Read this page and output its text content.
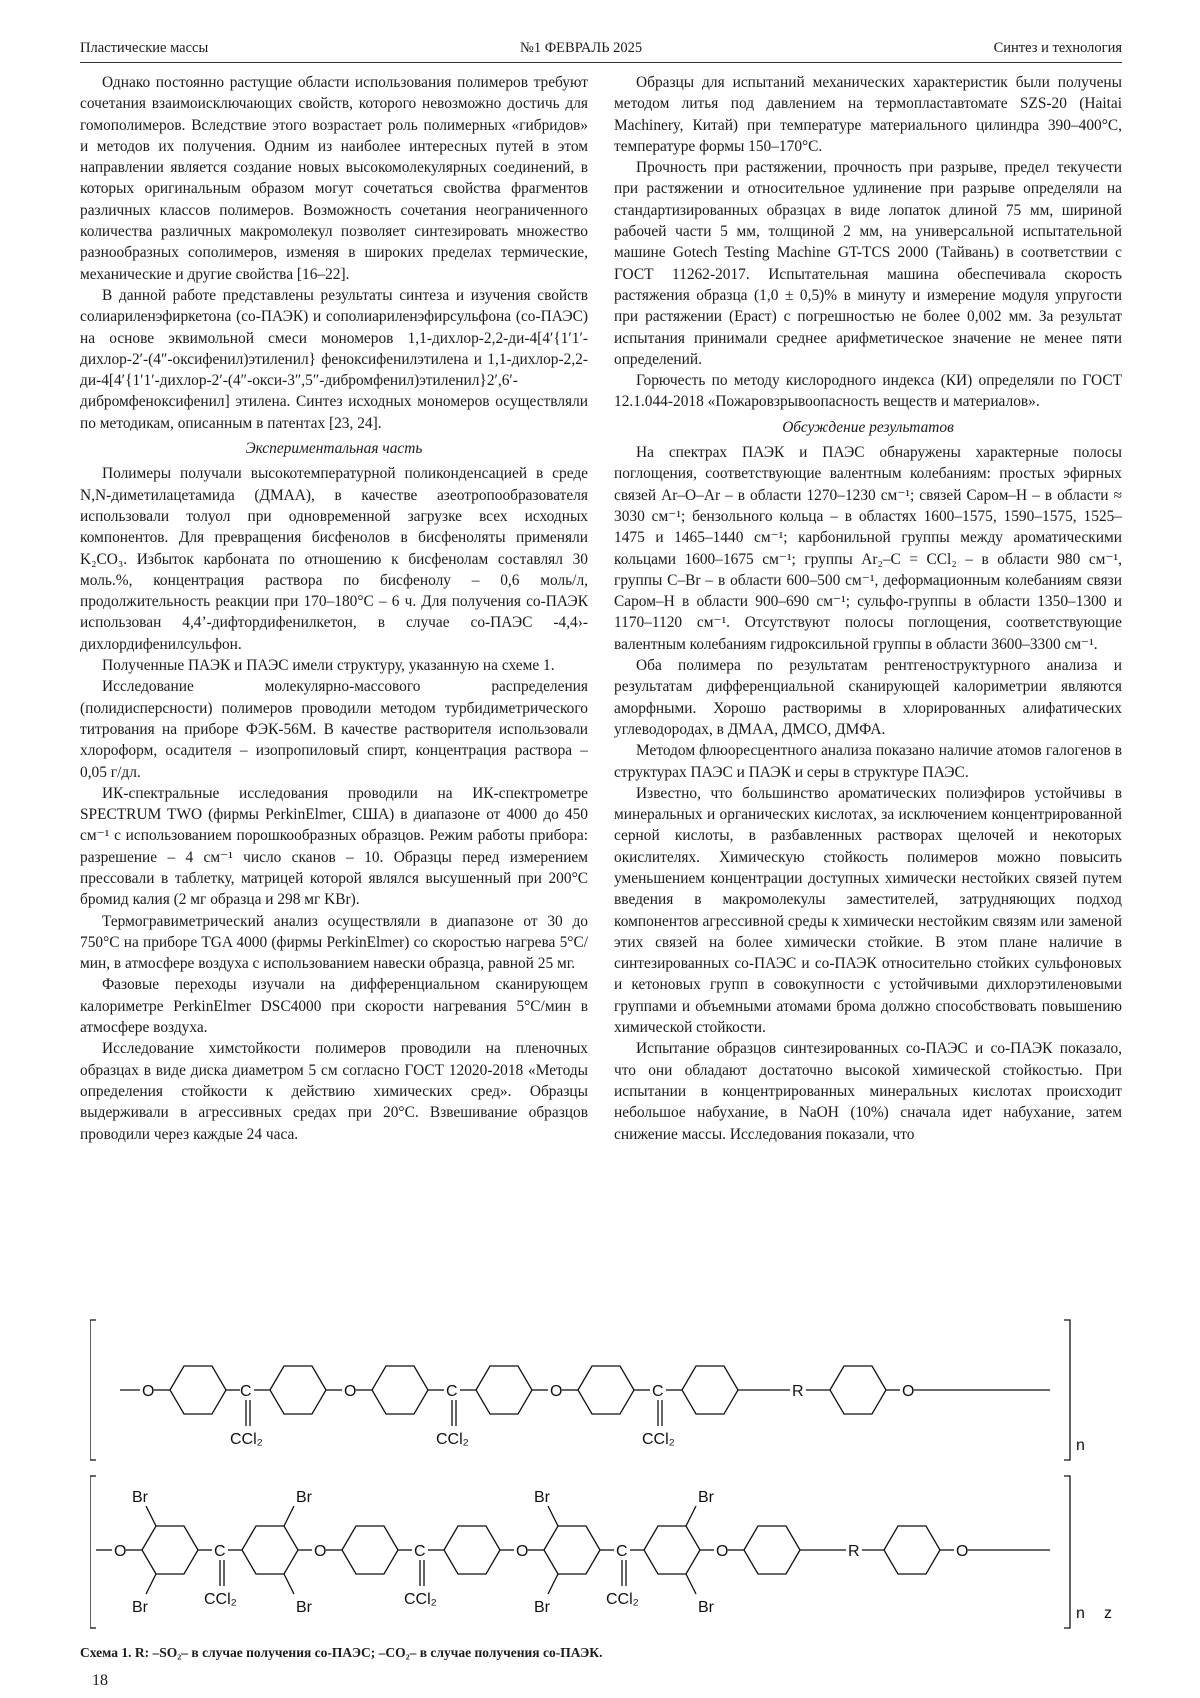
Пластические массы	№1 ФЕВРАЛЬ 2025	Синтез и технология

Однако постоянно растущие области использования полимеров требуют сочетания взаимоисключающих свойств, которого невозможно достичь для гомополимеров. Вследствие этого возрастает роль полимерных «гибридов» и методов их получения. Одним из наиболее интересных путей в этом направлении является создание новых высокомолекулярных соединений, в которых оригинальным образом могут сочетаться свойства фрагментов различных классов полимеров. Возможность сочетания неограниченного количества различных макромолекул позволяет синтезировать множество разнообразных сополимеров, изменяя в широких пределах термические, механические и другие свойства [16–22].

В данной работе представлены результаты синтеза и изучения свойств солиариленэфиркетона (со-ПАЭК) и сополиариленэфирсульфона (со-ПАЭС) на основе эквимольной смеси мономеров 1,1-дихлор-2,2-ди-4[4′{1′1′-дихлор-2′-(4″-оксифенил)этиленил} феноксифенилэтилена и 1,1-дихлор-2,2-ди-4[4′{1′1′-дихлор-2′-(4″-окси-3″,5″-дибромфенил)этиленил}2′,6′-дибромфеноксифенил] этилена. Синтез исходных мономеров осуществляли по методикам, описанным в патентах [23, 24].

Экспериментальная часть

Полимеры получали высокотемпературной поликонденсацией в среде N,N-диметилацетамида (ДМАА), в качестве азеотропообразователя использовали толуол при одновременной загрузке всех исходных компонентов. Для превращения бисфенолов в бисфеноляты применяли K₂CO₃. Избыток карбоната по отношению к бисфенолам составлял 30 моль.%, концентрация раствора по бисфенолу – 0,6 моль/л, продолжительность реакции при 170–180°С – 6 ч. Для получения со-ПАЭК использован 4,4’-дифтордифенилкетон, в случае со-ПАЭС -4,4›-дихлордифенилсульфон.

Полученные ПАЭК и ПАЭС имели структуру, указанную на схеме 1.

Исследование молекулярно-массового распределения (полидисперсности) полимеров проводили методом турбидиметрического титрования на приборе ФЭК-56М. В качестве растворителя использовали хлороформ, осадителя – изопропиловый спирт, концентрация раствора – 0,05 г/дл.

ИК-спектральные исследования проводили на ИК-спектрометре SPECTRUM TWO (фирмы PerkinElmer, США) в диапазоне от 4000 до 450 см⁻¹ с использованием порошкообразных образцов. Режим работы прибора: разрешение – 4 см⁻¹ число сканов – 10. Образцы перед измерением прессовали в таблетку, матрицей которой являлся высушенный при 200°С бромид калия (2 мг образца и 298 мг KBr).

Термогравиметрический анализ осуществляли в диапазоне от 30 до 750°С на приборе TGA 4000 (фирмы PerkinElmer) со скоростью нагрева 5°С/мин, в атмосфере воздуха с использованием навески образца, равной 25 мг.

Фазовые переходы изучали на дифференциальном сканирующем калориметре PerkinElmer DSC4000 при скорости нагревания 5°С/мин в атмосфере воздуха.

Исследование химстойкости полимеров проводили на пленочных образцах в виде диска диаметром 5 см согласно ГОСТ 12020-2018 «Методы определения стойкости к действию химических сред». Образцы выдерживали в агрессивных средах при 20°С. Взвешивание образцов проводили через каждые 24 часа.

Образцы для испытаний механических характеристик были получены методом литья под давлением на термопластавтомате SZS-20 (Haitai Machinery, Китай) при температуре материального цилиндра 390–400°С, температуре формы 150–170°С.

Прочность при растяжении, прочность при разрыве, предел текучести при растяжении и относительное удлинение при разрыве определяли на стандартизированных образцах в виде лопаток длиной 75 мм, шириной рабочей части 5 мм, толщиной 2 мм, на универсальной испытательной машине Gotech Testing Machine GT-TCS 2000 (Тайвань) в соответствии с ГОСТ 11262-2017. Испытательная машина обеспечивала скорость растяжения образца (1,0 ± 0,5)% в минуту и измерение модуля упругости при растяжении (Eраст) с погрешностью не более 0,002 мм. За результат испытания принимали среднее арифметическое значение не менее пяти определений.

Горючесть по методу кислородного индекса (КИ) определяли по ГОСТ 12.1.044-2018 «Пожаровзрывоопасность веществ и материалов».

Обсуждение результатов

На спектрах ПАЭК и ПАЭС обнаружены характерные полосы поглощения, соответствующие валентным колебаниям: простых эфирных связей Ar–O–Ar – в области 1270–1230 см⁻¹; связей Caром–H – в области ≈ 3030 см⁻¹; бензольного кольца – в областях 1600–1575, 1590–1575, 1525–1475 и 1465–1440 см⁻¹; карбонильной группы между ароматическими кольцами 1600–1675 см⁻¹; группы Ar₂–C = CCl₂ – в области 980 см⁻¹, группы C–Br – в области 600–500 см⁻¹, деформационным колебаниям связи Caром–H в области 900–690 см⁻¹; сульфо-группы в области 1350–1300 и 1170–1120 см⁻¹. Отсутствуют полосы поглощения, соответствующие валентным колебаниям гидроксильной группы в области 3600–3300 см⁻¹.

Оба полимера по результатам рентгеноструктурного анализа и результатам дифференциальной сканирующей калориметрии являются аморфными. Хорошо растворимы в хлорированных алифатических углеводородах, в ДМАА, ДМСО, ДМФА.

Методом флюоресцентного анализа показано наличие атомов галогенов в структурах ПАЭС и ПАЭК и серы в структуре ПАЭС.

Известно, что большинство ароматических полиэфиров устойчивы в минеральных и органических кислотах, за исключением концентрированной серной кислоты, в разбавленных растворах щелочей и некоторых окислителях. Химическую стойкость полимеров можно повысить уменьшением концентрации доступных химически нестойких связей путем введения в макромолекулы заместителей, затрудняющих подход компонентов агрессивной среды к химически нестойким связям или заменой этих связей на более химически стойкие. В этом плане наличие в синтезированных со-ПАЭС и со-ПАЭК относительно стойких сульфоновых и кетоновых групп в совокупности с устойчивыми дихлорэтиленовыми группами и объемными атомами брома должно способствовать повышению химической стойкости.

Испытание образцов синтезированных со-ПАЭС и со-ПАЭК показало, что они обладают достаточно высокой химической стойкостью. При испытании в концентрированных минеральных кислотах происходит небольшое набухание, в NaOH (10%) сначала идет набухание, затем снижение массы. Исследования показали, что

O	C
CCl₂
O	C
CCl₂
O	C
CCl₂
R	O
n
O
Br
Br
C
CCl₂
Br
Br
O	C
CCl₂
O
Br
Br
C
CCl₂
Br
Br
O	R	O
n z
Схема 1. R: –SO₂– в случае получения со-ПАЭС; –CO₂– в случае получения со-ПАЭК.
18
